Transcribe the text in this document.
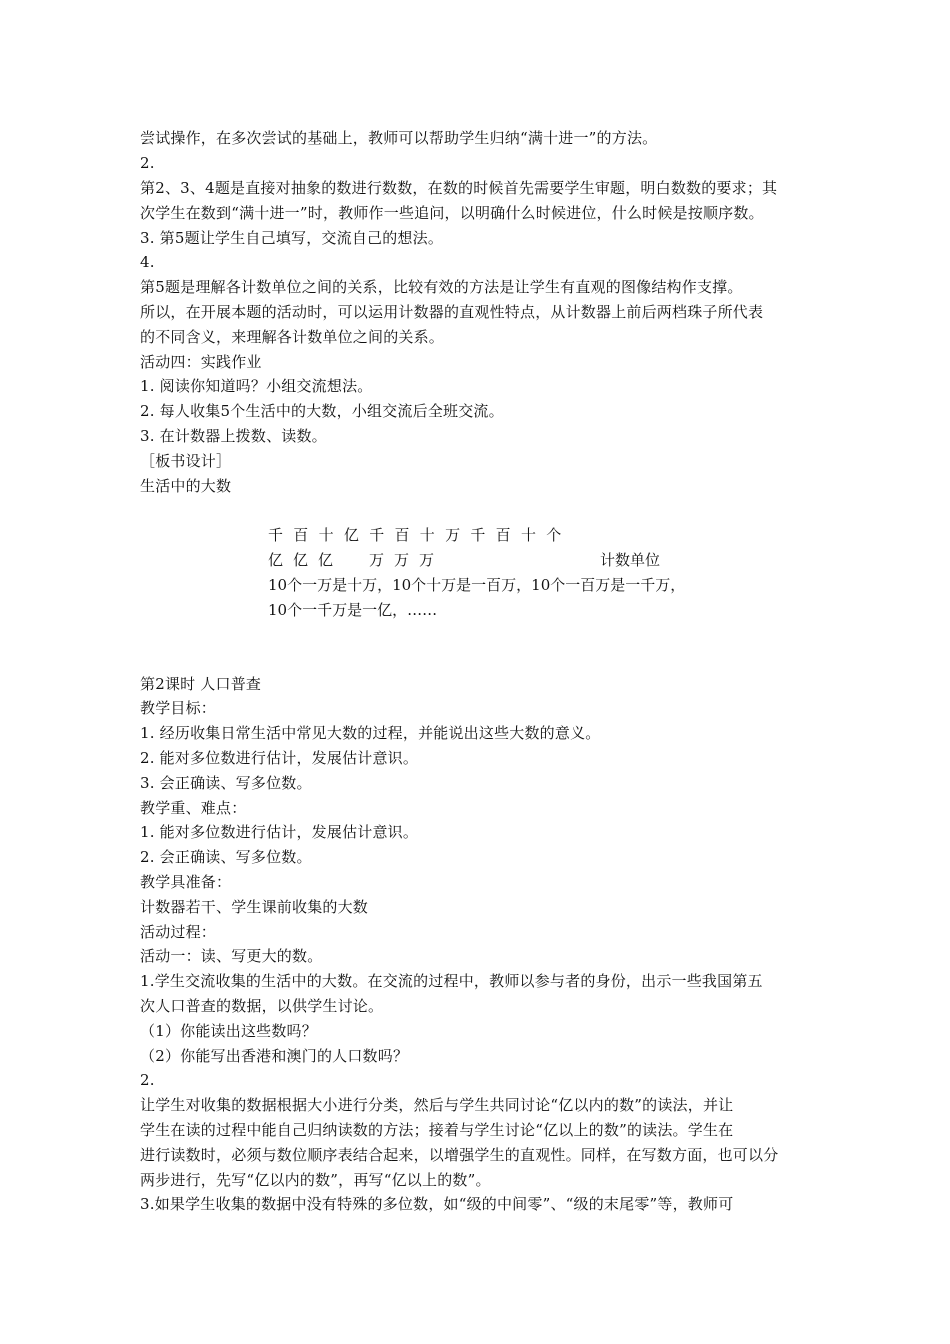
尝试操作，在多次尝试的基础上，教师可以帮助学生归纳“满十进一”的方法。
2.
第2、3、4题是直接对抽象的数进行数数，在数的时候首先需要学生审题，明白数数的要求；其
次学生在数到“满十进一”时，教师作一些追问，以明确什么时候进位，什么时候是按顺序数。
3. 第5题让学生自己填写，交流自己的想法。
4.
第5题是理解各计数单位之间的关系，比较有效的方法是让学生有直观的图像结构作支撑。
所以，在开展本题的活动时，可以运用计数器的直观性特点，从计数器上前后两档珠子所代表
的不同含义，来理解各计数单位之间的关系。
活动四：实践作业
1. 阅读你知道吗？小组交流想法。
2. 每人收集5个生活中的大数，小组交流后全班交流。
3. 在计数器上拨数、读数。
［板书设计］
生活中的大数
千 百 十 亿 千 百 十 万 千 百 十 个
亿 亿 亿 万 万 万	计数单位
10个一万是十万，10个十万是一百万，10个一百万是一千万，
10个一千万是一亿，……
第2课时 人口普查
教学目标：
1. 经历收集日常生活中常见大数的过程，并能说出这些大数的意义。
2. 能对多位数进行估计，发展估计意识。
3. 会正确读、写多位数。
教学重、难点：
1. 能对多位数进行估计，发展估计意识。
2. 会正确读、写多位数。
教学具准备：
计数器若干、学生课前收集的大数
活动过程：
活动一：读、写更大的数。
1.学生交流收集的生活中的大数。在交流的过程中，教师以参与者的身份，出示一些我国第五
次人口普查的数据，以供学生讨论。
（1）你能读出这些数吗？
（2）你能写出香港和澳门的人口数吗？
2.
让学生对收集的数据根据大小进行分类，然后与学生共同讨论“亿以内的数”的读法，并让
学生在读的过程中能自己归纳读数的方法；接着与学生讨论“亿以上的数”的读法。学生在
进行读数时，必须与数位顺序表结合起来，以增强学生的直观性。同样，在写数方面，也可以分
两步进行，先写“亿以内的数”，再写“亿以上的数”。
3.如果学生收集的数据中没有特殊的多位数，如“级的中间零”、“级的末尾零”等，教师可
